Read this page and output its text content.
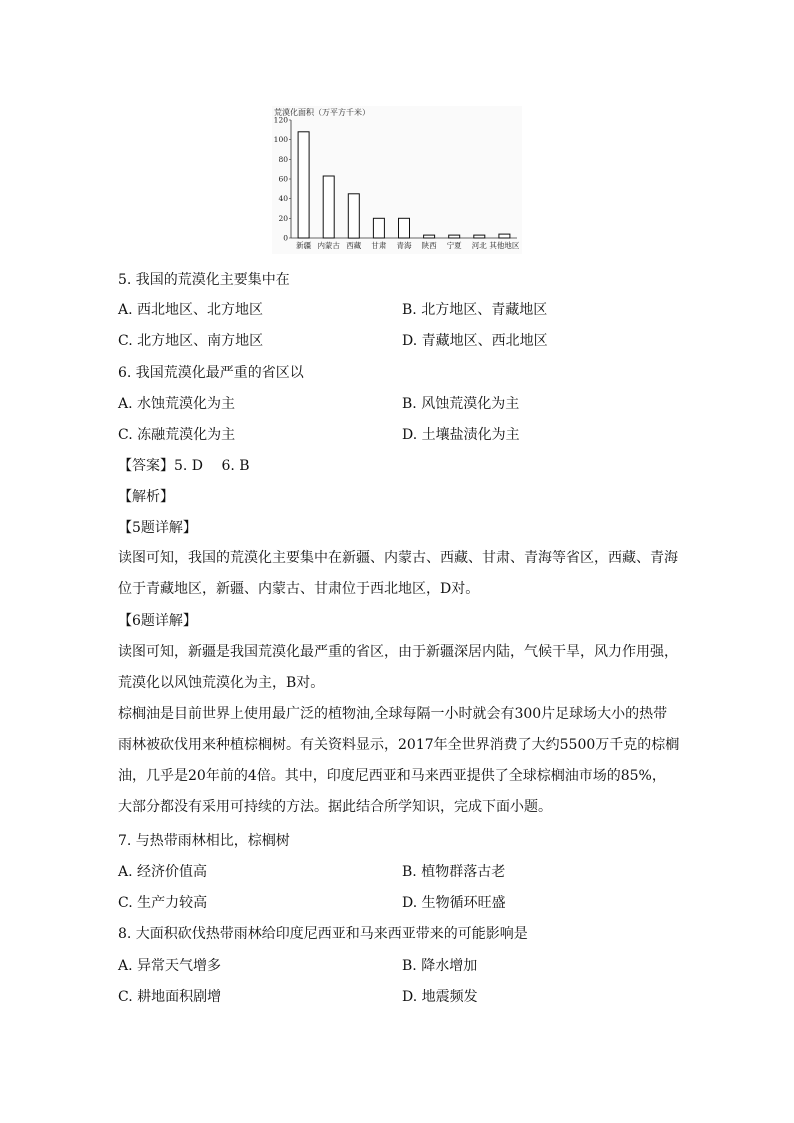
荒漠化面积（万平方千米）
0
20
40
60
80
100
120
新疆 内蒙古 西藏 甘肃 青海 陕西 宁夏 河北 其他地区
5. 我国的荒漠化主要集中在
A. 西北地区、北方地区	B. 北方地区、青藏地区
C. 北方地区、南方地区	D. 青藏地区、西北地区
6. 我国荒漠化最严重的省区以
A. 水蚀荒漠化为主	B. 风蚀荒漠化为主
C. 冻融荒漠化为主	D. 土壤盐渍化为主
【答案】5. D　 6. B
【解析】
【5题详解】
读图可知，我国的荒漠化主要集中在新疆、内蒙古、西藏、甘肃、青海等省区，西藏、青海
位于青藏地区，新疆、内蒙古、甘肃位于西北地区，D对。
【6题详解】
读图可知，新疆是我国荒漠化最严重的省区，由于新疆深居内陆，气候干旱，风力作用强，
荒漠化以风蚀荒漠化为主，B对。
棕榈油是目前世界上使用最广泛的植物油,全球每隔一小时就会有300片足球场大小的热带
雨林被砍伐用来种植棕榈树。有关资料显示，2017年全世界消费了大约5500万千克的棕榈
油，几乎是20年前的4倍。其中，印度尼西亚和马来西亚提供了全球棕榈油市场的85%，
大部分都没有采用可持续的方法。据此结合所学知识，完成下面小题。
7. 与热带雨林相比，棕榈树
A. 经济价值高	B. 植物群落古老
C. 生产力较高	D. 生物循环旺盛
8. 大面积砍伐热带雨林给印度尼西亚和马来西亚带来的可能影响是
A. 异常天气增多	B. 降水增加
C. 耕地面积剧增	D. 地震频发
